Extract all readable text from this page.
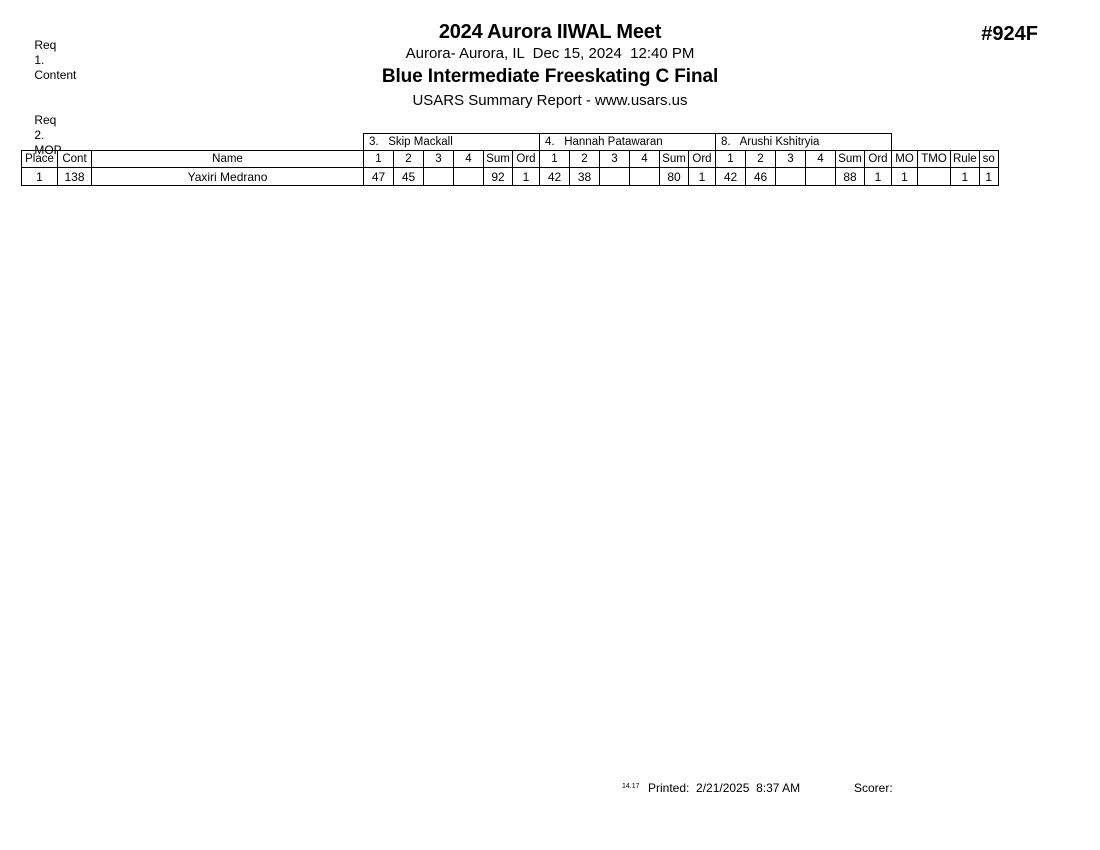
Req
1.
Content

Req
2.
MOP

2024 Aurora IIWAL Meet
Aurora- Aurora, IL  Dec 15, 2024  12:40 PM
Blue Intermediate Freeskating C Final
USARS Summary Report - www.usars.us
#924F
			3. Skip Mackall						4. Hannah Patawaran						8. Arushi Kshitryia									
Place	Cont	Name	1	2	3	4	Sum	Ord	1	2	3	4	Sum	Ord	1	2	3	4	Sum	Ord	MO	TMO	Rule	so
1	138	Yaxiri Medrano	47	45			92	1	42	38			80	1	42	46			88	1	1		1	1
14.17 Printed:  2/21/2025  8:37 AM	Scorer:
